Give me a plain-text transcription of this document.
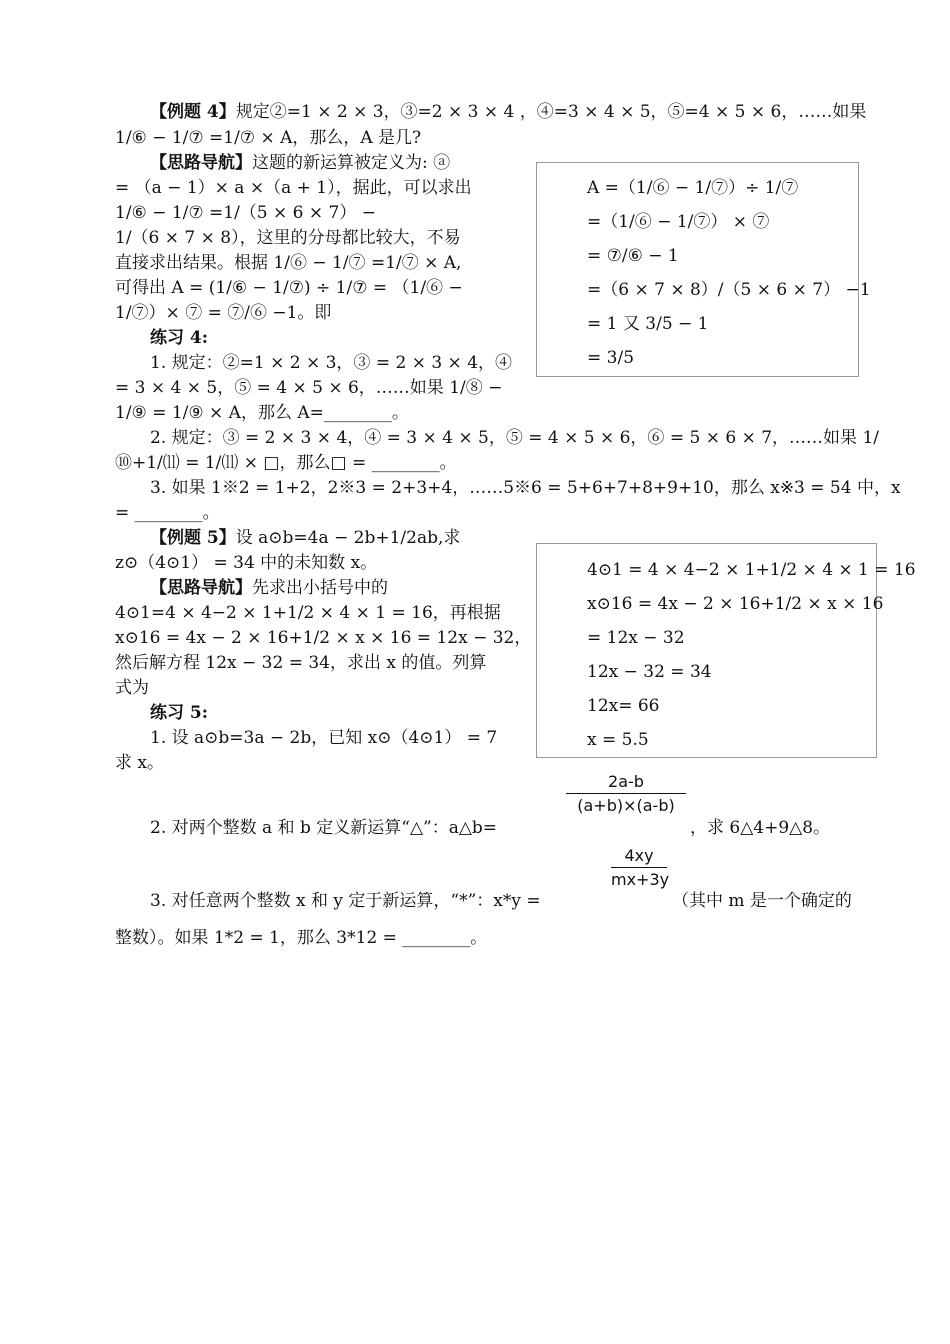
【例题 4】规定②=1 × 2 × 3，③=2 × 3 × 4 ，④=3 × 4 × 5，⑤=4 × 5 × 6，……如果
1/⑥ − 1/⑦ =1/⑦ × A，那么，A 是几?
【思路导航】这题的新运算被定义为: ⓐ
= （a − 1）× a ×（a + 1），据此，可以求出
1/⑥ − 1/⑦ =1/（5 × 6 × 7） −
1/（6 × 7 × 8），这里的分母都比较大，不易
直接求出结果。根据 1/⑥ − 1/⑦ =1/⑦ × A,
可得出 A = (1/⑥ − 1/⑦) ÷ 1/⑦ = （1/⑥ −
1/⑦）× ⑦ = ⑦/⑥ −1。即
A =（1/⑥ − 1/⑦）÷ 1/⑦
=（1/⑥ − 1/⑦） × ⑦
= ⑦/⑥ − 1
=（6 × 7 × 8）/（5 × 6 × 7） −1
= 1 又 3/5 − 1
= 3/5
练习 4:
1. 规定：②=1 × 2 × 3，③ = 2 × 3 × 4，④
= 3 × 4 × 5，⑤ = 4 × 5 × 6，……如果 1/⑧ −
1/⑨ = 1/⑨ × A，那么 A=________。
2. 规定：③ = 2 × 3 × 4，④ = 3 × 4 × 5，⑤ = 4 × 5 × 6，⑥ = 5 × 6 × 7，……如果 1/
⑩+1/⑾ = 1/⑾ × □，那么□ = ________。
3. 如果 1※2 = 1+2，2※3 = 2+3+4，……5※6 = 5+6+7+8+9+10，那么 x※3 = 54 中，x
= ________。
【例题 5】设 a⊙b=4a − 2b+1/2ab,求
z⊙（4⊙1） = 34 中的未知数 x。
【思路导航】先求出小括号中的
4⊙1=4 × 4−2 × 1+1/2 × 4 × 1 = 16，再根据
x⊙16 = 4x − 2 × 16+1/2 × x × 16 = 12x − 32，
然后解方程 12x − 32 = 34，求出 x 的值。列算
式为
4⊙1 = 4 × 4−2 × 1+1/2 × 4 × 1 = 16
x⊙16 = 4x − 2 × 16+1/2 × x × 16
= 12x − 32
12x − 32 = 34
12x= 66
x = 5.5
练习 5:
1. 设 a⊙b=3a − 2b，已知 x⊙（4⊙1） = 7
求 x。
2a-b
(a+b)×(a-b)
2. 对两个整数 a 和 b 定义新运算“△”：a△b=	，求 6△4+9△8。
4xy
mx+3y
3. 对任意两个整数 x 和 y 定于新运算，“*”：x*y =	（其中 m 是一个确定的
整数）。如果 1*2 = 1，那么 3*12 = ________。
